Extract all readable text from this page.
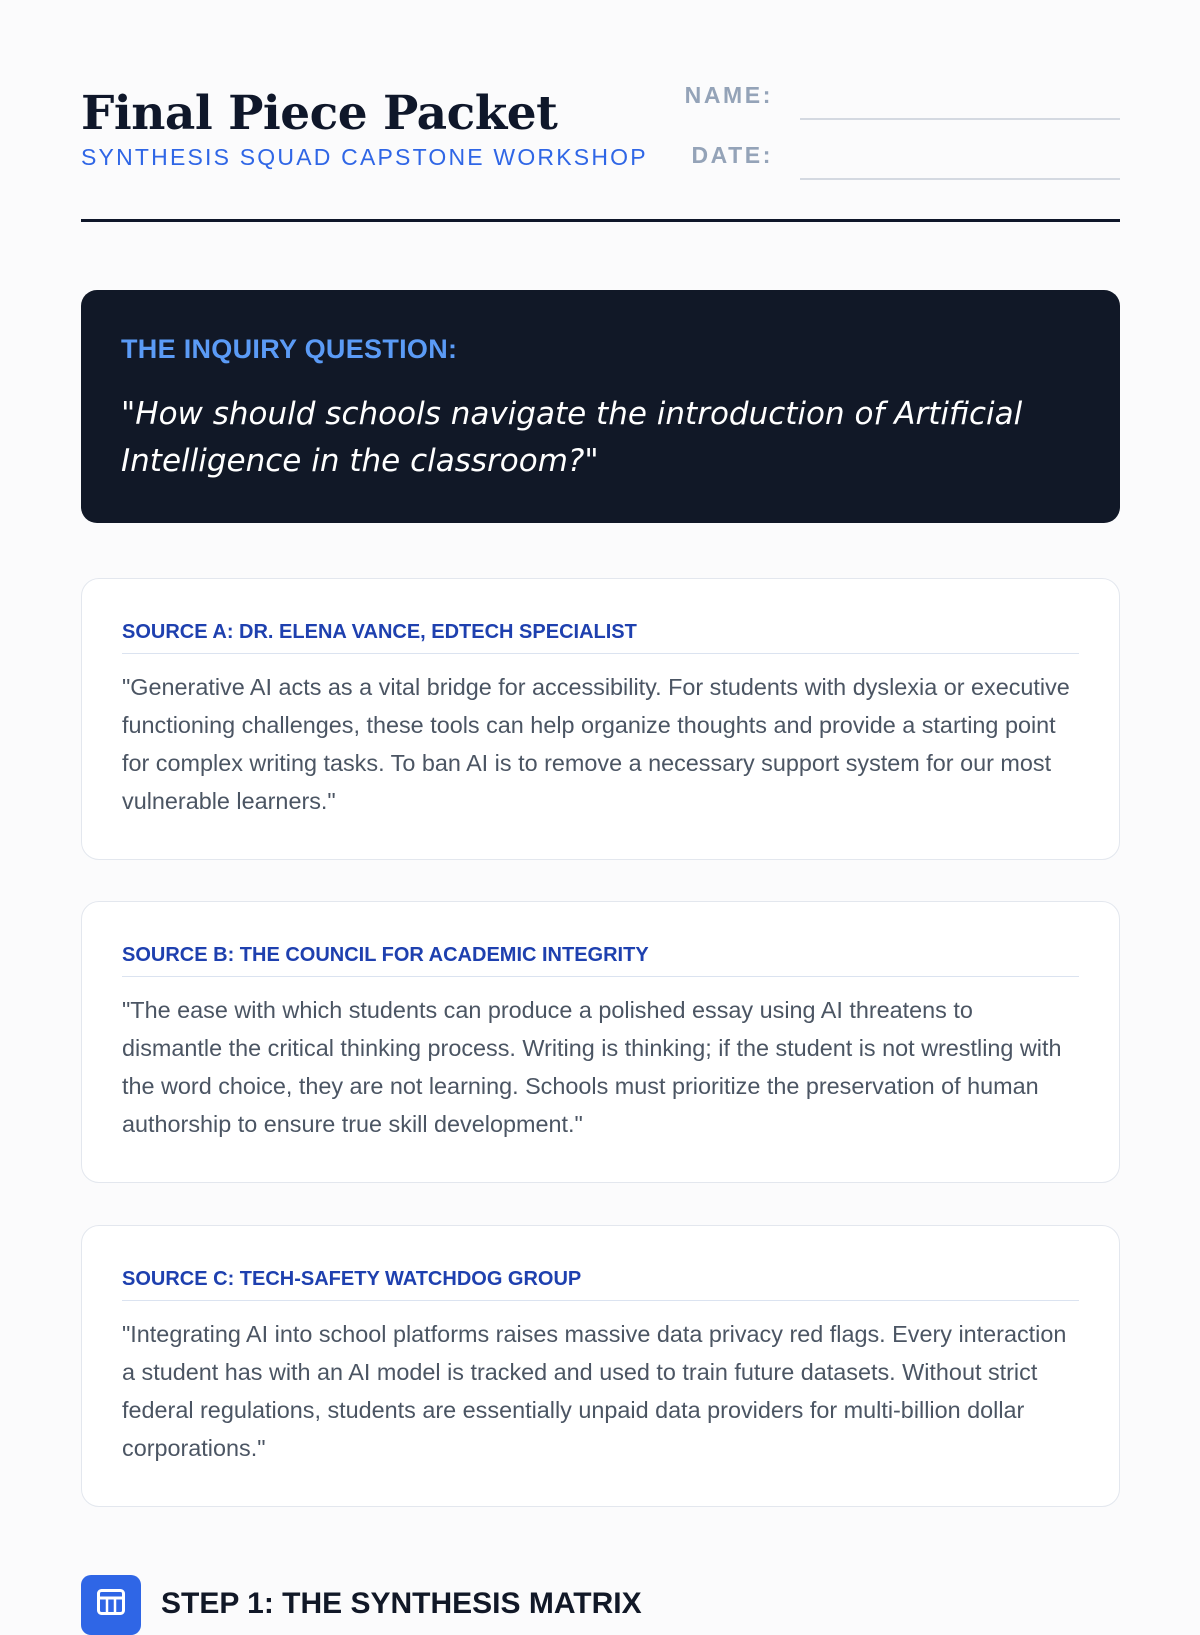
Final Piece Packet
SYNTHESIS SQUAD CAPSTONE WORKSHOP
NAME:
DATE:
THE INQUIRY QUESTION:

"How should schools navigate the introduction of Artificial Intelligence in the classroom?"

SOURCE A: DR. ELENA VANCE, EDTECH SPECIALIST

"Generative AI acts as a vital bridge for accessibility. For students with dyslexia or executive functioning challenges, these tools can help organize thoughts and provide a starting point for complex writing tasks. To ban AI is to remove a necessary support system for our most vulnerable learners."

SOURCE B: THE COUNCIL FOR ACADEMIC INTEGRITY

"The ease with which students can produce a polished essay using AI threatens to dismantle the critical thinking process. Writing is thinking; if the student is not wrestling with the word choice, they are not learning. Schools must prioritize the preservation of human authorship to ensure true skill development."

SOURCE C: TECH-SAFETY WATCHDOG GROUP

"Integrating AI into school platforms raises massive data privacy red flags. Every interaction a student has with an AI model is tracked and used to train future datasets. Without strict federal regulations, students are essentially unpaid data providers for multi-billion dollar corporations."

STEP 1: THE SYNTHESIS MATRIX
